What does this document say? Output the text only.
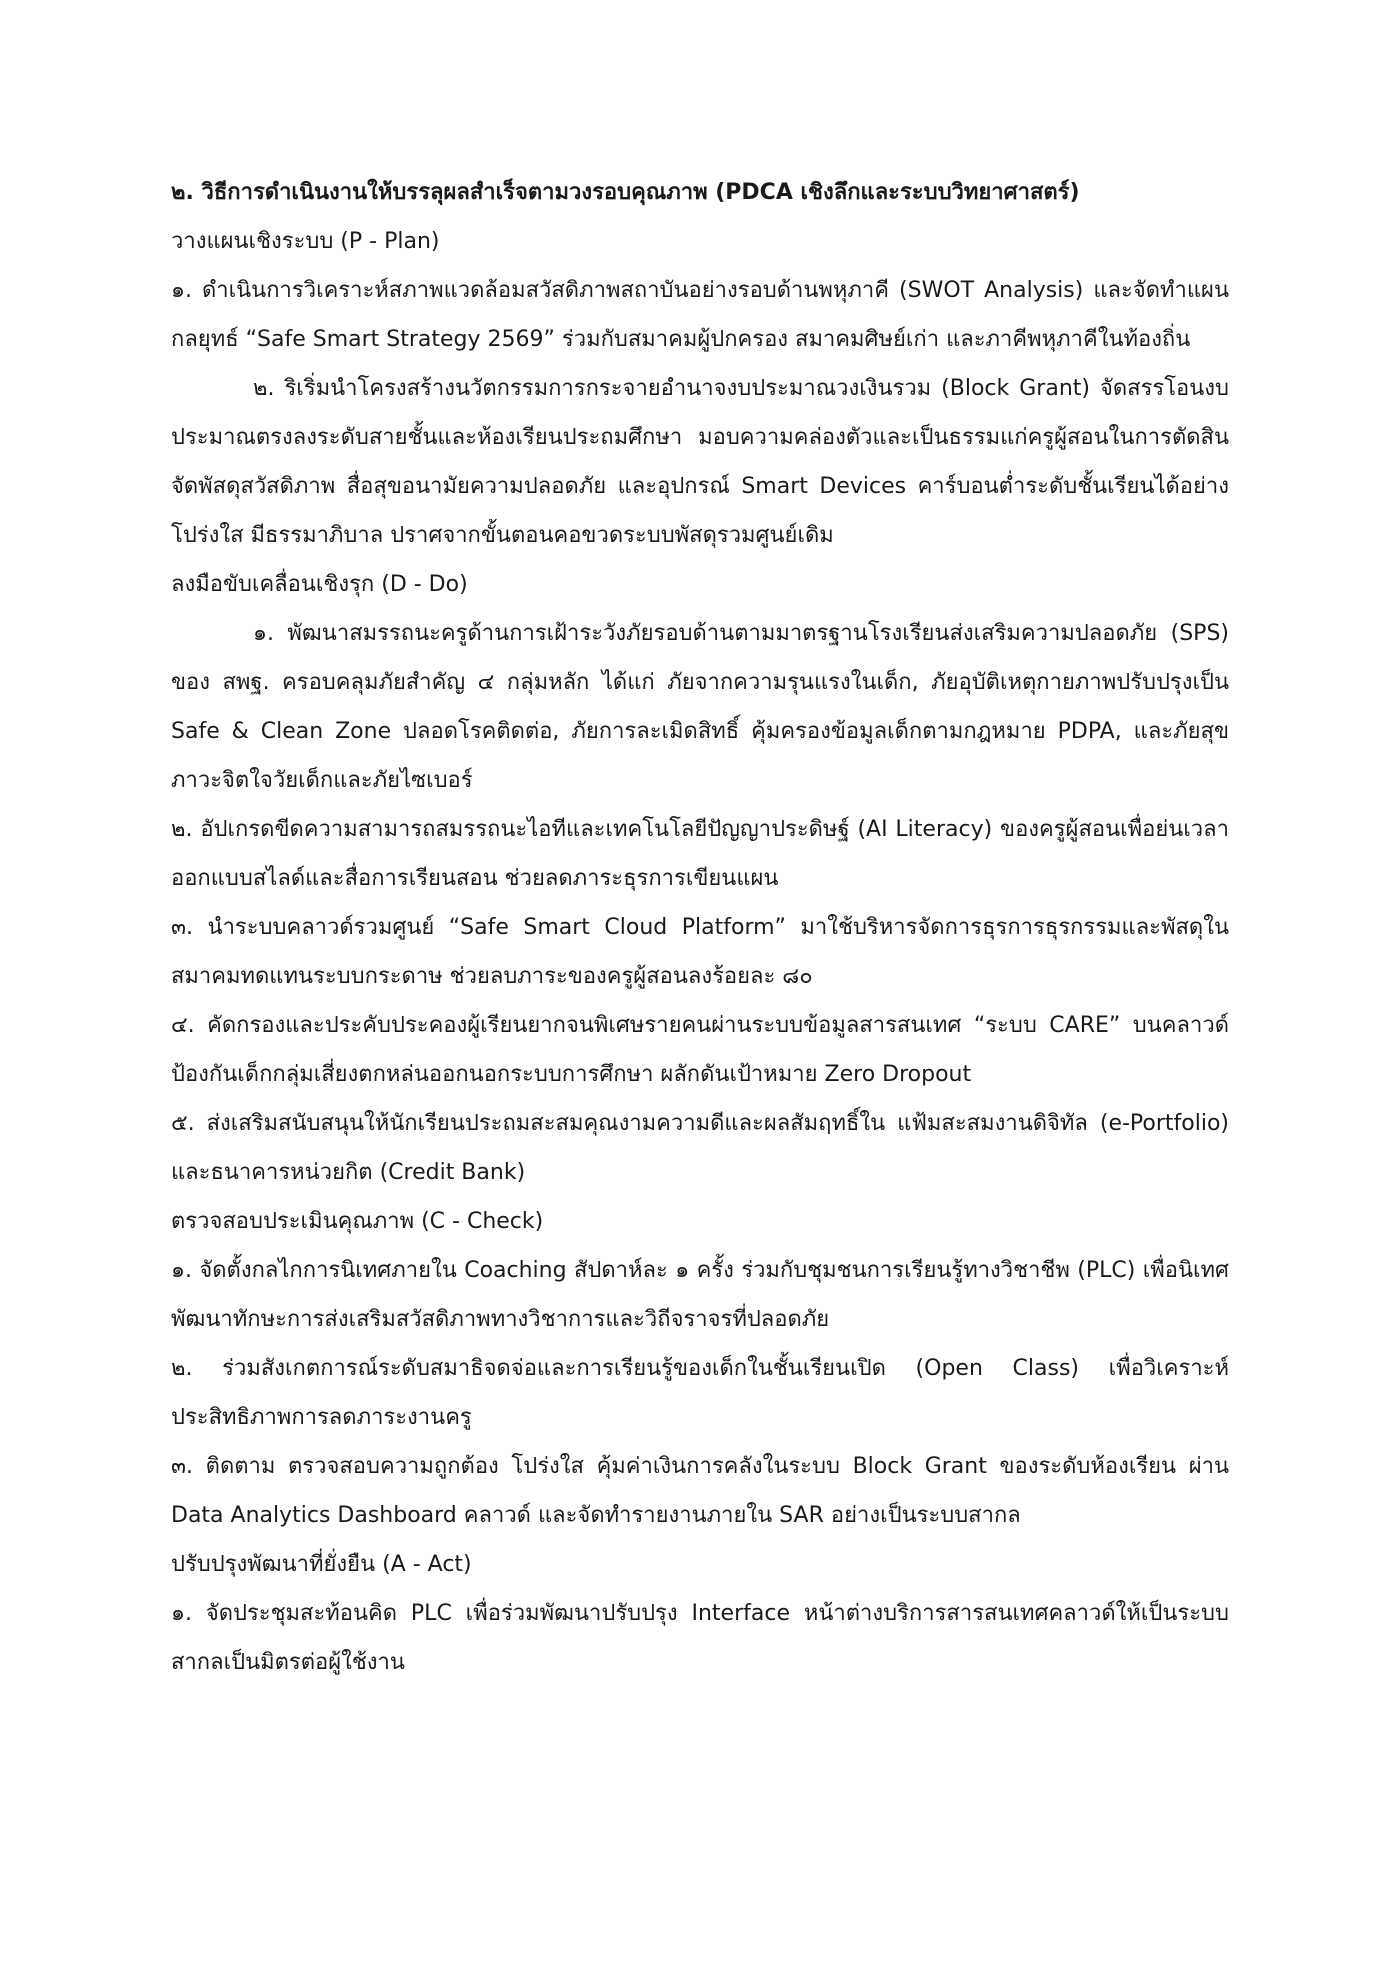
๒. วิธีการดำเนินงานให้บรรลุผลสำเร็จตามวงรอบคุณภาพ (PDCA เชิงลึกและระบบวิทยาศาสตร์)

วางแผนเชิงระบบ (P - Plan)

๑. ดำเนินการวิเคราะห์สภาพแวดล้อมสวัสดิภาพสถาบันอย่างรอบด้านพหุภาคี (SWOT Analysis) และจัดทำแผนกลยุทธ์ “Safe Smart Strategy 2569” ร่วมกับสมาคมผู้ปกครอง สมาคมศิษย์เก่า และภาคีพหุภาคีในท้องถิ่น

๒. ริเริ่มนำโครงสร้างนวัตกรรมการกระจายอำนาจงบประมาณวงเงินรวม (Block Grant) จัดสรรโอนงบประมาณตรงลงระดับสายชั้นและห้องเรียนประถมศึกษา มอบความคล่องตัวและเป็นธรรมแก่ครูผู้สอนในการตัดสินจัดพัสดุสวัสดิภาพ สื่อสุขอนามัยความปลอดภัย และอุปกรณ์ Smart Devices คาร์บอนต่ำระดับชั้นเรียนได้อย่างโปร่งใส มีธรรมาภิบาล ปราศจากขั้นตอนคอขวดระบบพัสดุรวมศูนย์เดิม

ลงมือขับเคลื่อนเชิงรุก (D - Do)

๑. พัฒนาสมรรถนะครูด้านการเฝ้าระวังภัยรอบด้านตามมาตรฐานโรงเรียนส่งเสริมความปลอดภัย (SPS) ของ สพฐ. ครอบคลุมภัยสำคัญ ๔ กลุ่มหลัก ได้แก่ ภัยจากความรุนแรงในเด็ก, ภัยอุบัติเหตุกายภาพปรับปรุงเป็น Safe & Clean Zone ปลอดโรคติดต่อ, ภัยการละเมิดสิทธิ์ คุ้มครองข้อมูลเด็กตามกฎหมาย PDPA, และภัยสุขภาวะจิตใจวัยเด็กและภัยไซเบอร์

๒. อัปเกรดขีดความสามารถสมรรถนะไอทีและเทคโนโลยีปัญญาประดิษฐ์ (AI Literacy) ของครูผู้สอนเพื่อย่นเวลาออกแบบสไลด์และสื่อการเรียนสอน ช่วยลดภาระธุรการเขียนแผน

๓. นำระบบคลาวด์รวมศูนย์ “Safe Smart Cloud Platform” มาใช้บริหารจัดการธุรการธุรกรรมและพัสดุในสมาคมทดแทนระบบกระดาษ ช่วยลบภาระของครูผู้สอนลงร้อยละ ๘๐

๔. คัดกรองและประคับประคองผู้เรียนยากจนพิเศษรายคนผ่านระบบข้อมูลสารสนเทศ “ระบบ CARE” บนคลาวด์ ป้องกันเด็กกลุ่มเสี่ยงตกหล่นออกนอกระบบการศึกษา ผลักดันเป้าหมาย Zero Dropout

๕. ส่งเสริมสนับสนุนให้นักเรียนประถมสะสมคุณงามความดีและผลสัมฤทธิ์ใน แฟ้มสะสมงานดิจิทัล (e-Portfolio) และธนาคารหน่วยกิต (Credit Bank)

ตรวจสอบประเมินคุณภาพ (C - Check)

๑. จัดตั้งกลไกการนิเทศภายใน Coaching สัปดาห์ละ ๑ ครั้ง ร่วมกับชุมชนการเรียนรู้ทางวิชาชีพ (PLC) เพื่อนิเทศพัฒนาทักษะการส่งเสริมสวัสดิภาพทางวิชาการและวิถีจราจรที่ปลอดภัย

๒. ร่วมสังเกตการณ์ระดับสมาธิจดจ่อและการเรียนรู้ของเด็กในชั้นเรียนเปิด (Open Class) เพื่อวิเคราะห์ประสิทธิภาพการลดภาระงานครู

๓. ติดตาม ตรวจสอบความถูกต้อง โปร่งใส คุ้มค่าเงินการคลังในระบบ Block Grant ของระดับห้องเรียน ผ่าน Data Analytics Dashboard คลาวด์ และจัดทำรายงานภายใน SAR อย่างเป็นระบบสากล

ปรับปรุงพัฒนาที่ยั่งยืน (A - Act)

๑. จัดประชุมสะท้อนคิด PLC เพื่อร่วมพัฒนาปรับปรุง Interface หน้าต่างบริการสารสนเทศคลาวด์ให้เป็นระบบสากลเป็นมิตรต่อผู้ใช้งาน
